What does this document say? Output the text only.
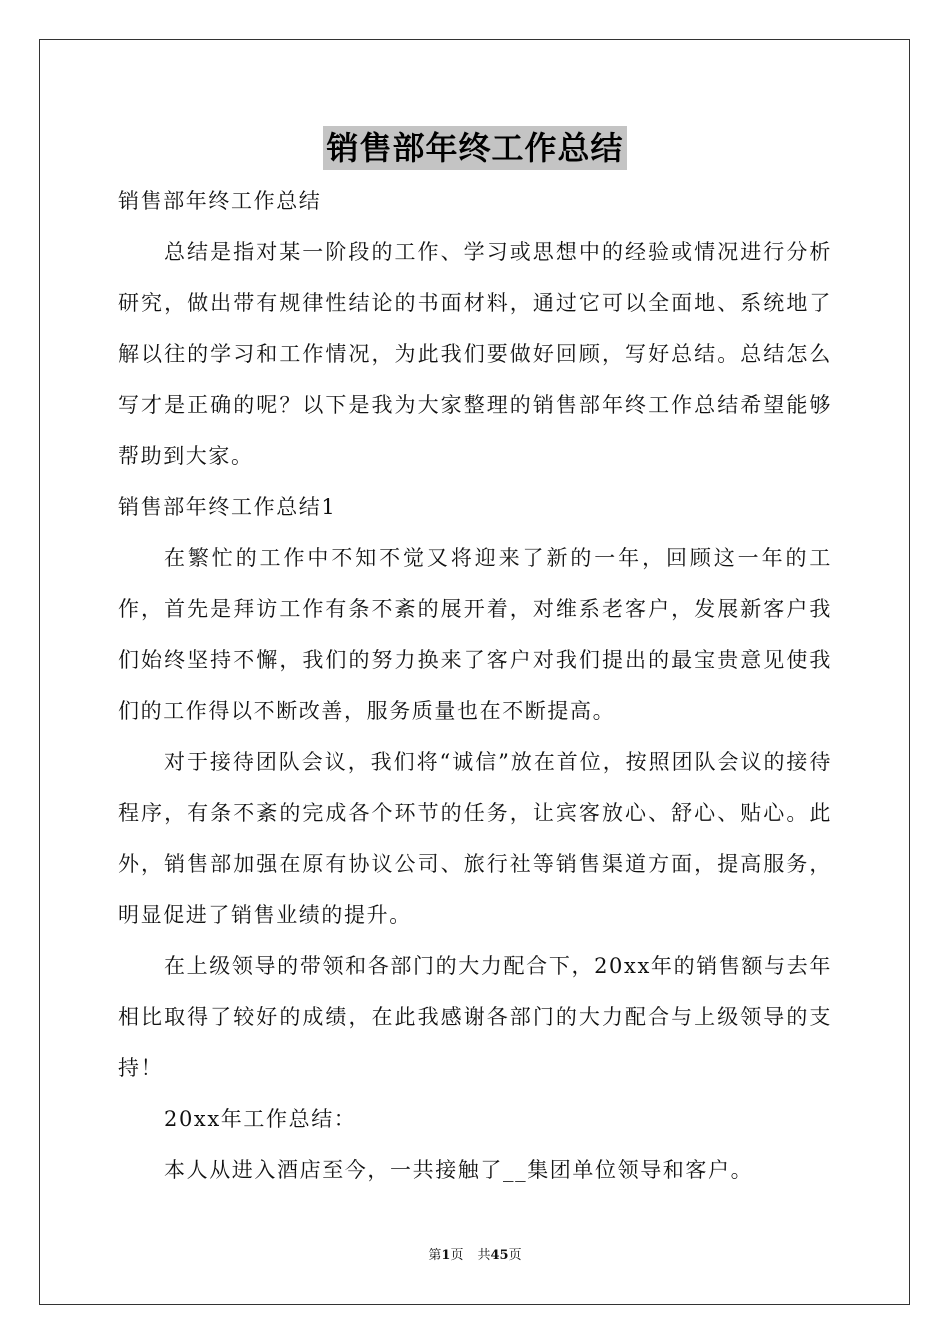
销售部年终工作总结

销售部年终工作总结

总结是指对某一阶段的工作、学习或思想中的经验或情况进行分析研究，做出带有规律性结论的书面材料，通过它可以全面地、系统地了解以往的学习和工作情况，为此我们要做好回顾，写好总结。总结怎么写才是正确的呢？以下是我为大家整理的销售部年终工作总结希望能够帮助到大家。

销售部年终工作总结1

在繁忙的工作中不知不觉又将迎来了新的一年，回顾这一年的工作，首先是拜访工作有条不紊的展开着，对维系老客户，发展新客户我们始终坚持不懈，我们的努力换来了客户对我们提出的最宝贵意见使我们的工作得以不断改善，服务质量也在不断提高。

对于接待团队会议，我们将“诚信”放在首位，按照团队会议的接待程序，有条不紊的完成各个环节的任务，让宾客放心、舒心、贴心。此外，销售部加强在原有协议公司、旅行社等销售渠道方面，提高服务，明显促进了销售业绩的提升。

在上级领导的带领和各部门的大力配合下，20xx年的销售额与去年相比取得了较好的成绩，在此我感谢各部门的大力配合与上级领导的支持！

20xx年工作总结：

本人从进入酒店至今，一共接触了__集团单位领导和客户。

第1页 共45页
